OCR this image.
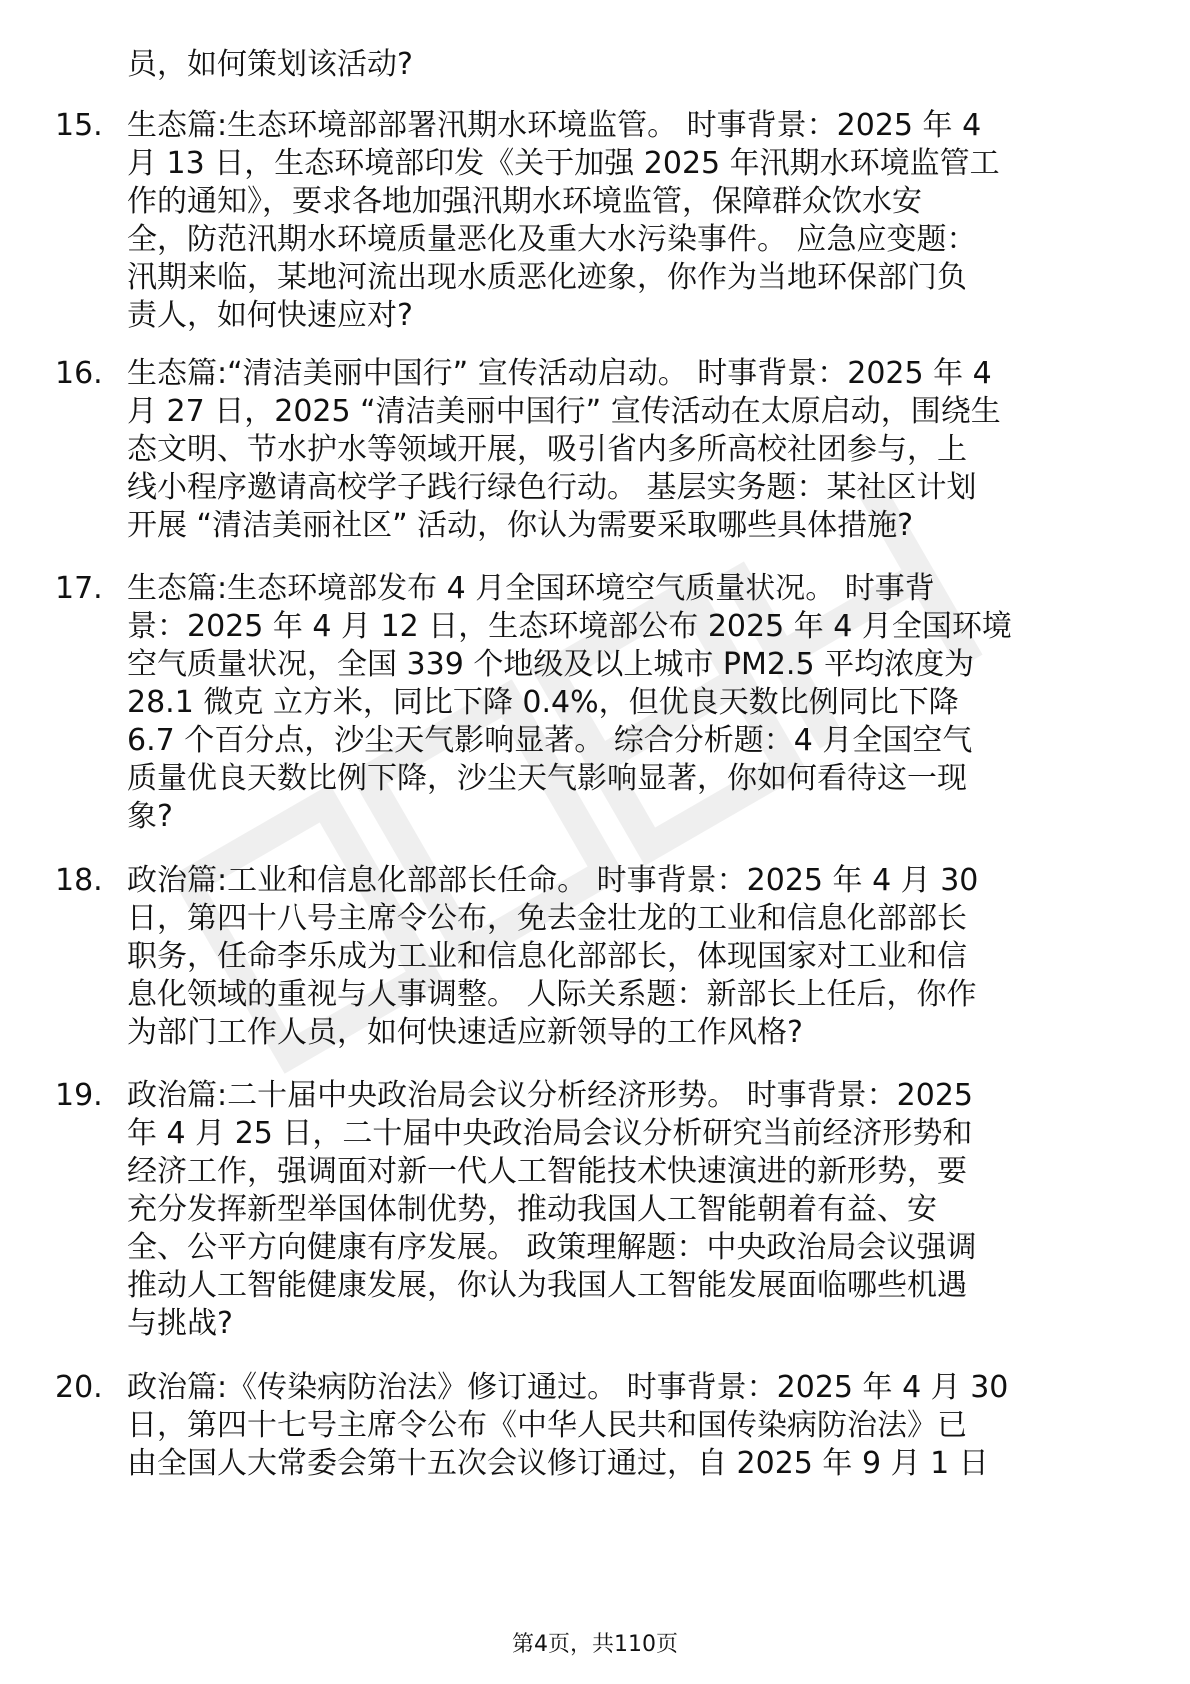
员，如何策划该活动?
15. 生态篇:生态环境部部署汛期水环境监管。 时事背景：2025 年 4
月 13 日，生态环境部印发《关于加强 2025 年汛期水环境监管工
作的通知》，要求各地加强汛期水环境监管，保障群众饮水安
全，防范汛期水环境质量恶化及重大水污染事件。 应急应变题：
汛期来临，某地河流出现水质恶化迹象，你作为当地环保部门负
责人，如何快速应对?
16. 生态篇:“清洁美丽中国行” 宣传活动启动。 时事背景：2025 年 4
月 27 日，2025 “清洁美丽中国行” 宣传活动在太原启动，围绕生
态文明、节水护水等领域开展，吸引省内多所高校社团参与，上
线小程序邀请高校学子践行绿色行动。 基层实务题：某社区计划
开展 “清洁美丽社区” 活动，你认为需要采取哪些具体措施?
17. 生态篇:生态环境部发布 4 月全国环境空气质量状况。 时事背
景：2025 年 4 月 12 日，生态环境部公布 2025 年 4 月全国环境
空气质量状况，全国 339 个地级及以上城市 PM2.5 平均浓度为
28.1 微克 立方米，同比下降 0.4%，但优良天数比例同比下降
6.7 个百分点，沙尘天气影响显著。 综合分析题：4 月全国空气
质量优良天数比例下降，沙尘天气影响显著，你如何看待这一现
象?
18. 政治篇:工业和信息化部部长任命。 时事背景：2025 年 4 月 30
日，第四十八号主席令公布，免去金壮龙的工业和信息化部部长
职务，任命李乐成为工业和信息化部部长，体现国家对工业和信
息化领域的重视与人事调整。 人际关系题：新部长上任后，你作
为部门工作人员，如何快速适应新领导的工作风格?
19. 政治篇:二十届中央政治局会议分析经济形势。 时事背景：2025
年 4 月 25 日，二十届中央政治局会议分析研究当前经济形势和
经济工作，强调面对新一代人工智能技术快速演进的新形势，要
充分发挥新型举国体制优势，推动我国人工智能朝着有益、安
全、公平方向健康有序发展。 政策理解题：中央政治局会议强调
推动人工智能健康发展，你认为我国人工智能发展面临哪些机遇
与挑战?
20. 政治篇:《传染病防治法》修订通过。 时事背景：2025 年 4 月 30
日，第四十七号主席令公布《中华人民共和国传染病防治法》已
由全国人大常委会第十五次会议修订通过，自 2025 年 9 月 1 日
第4页，共110页
